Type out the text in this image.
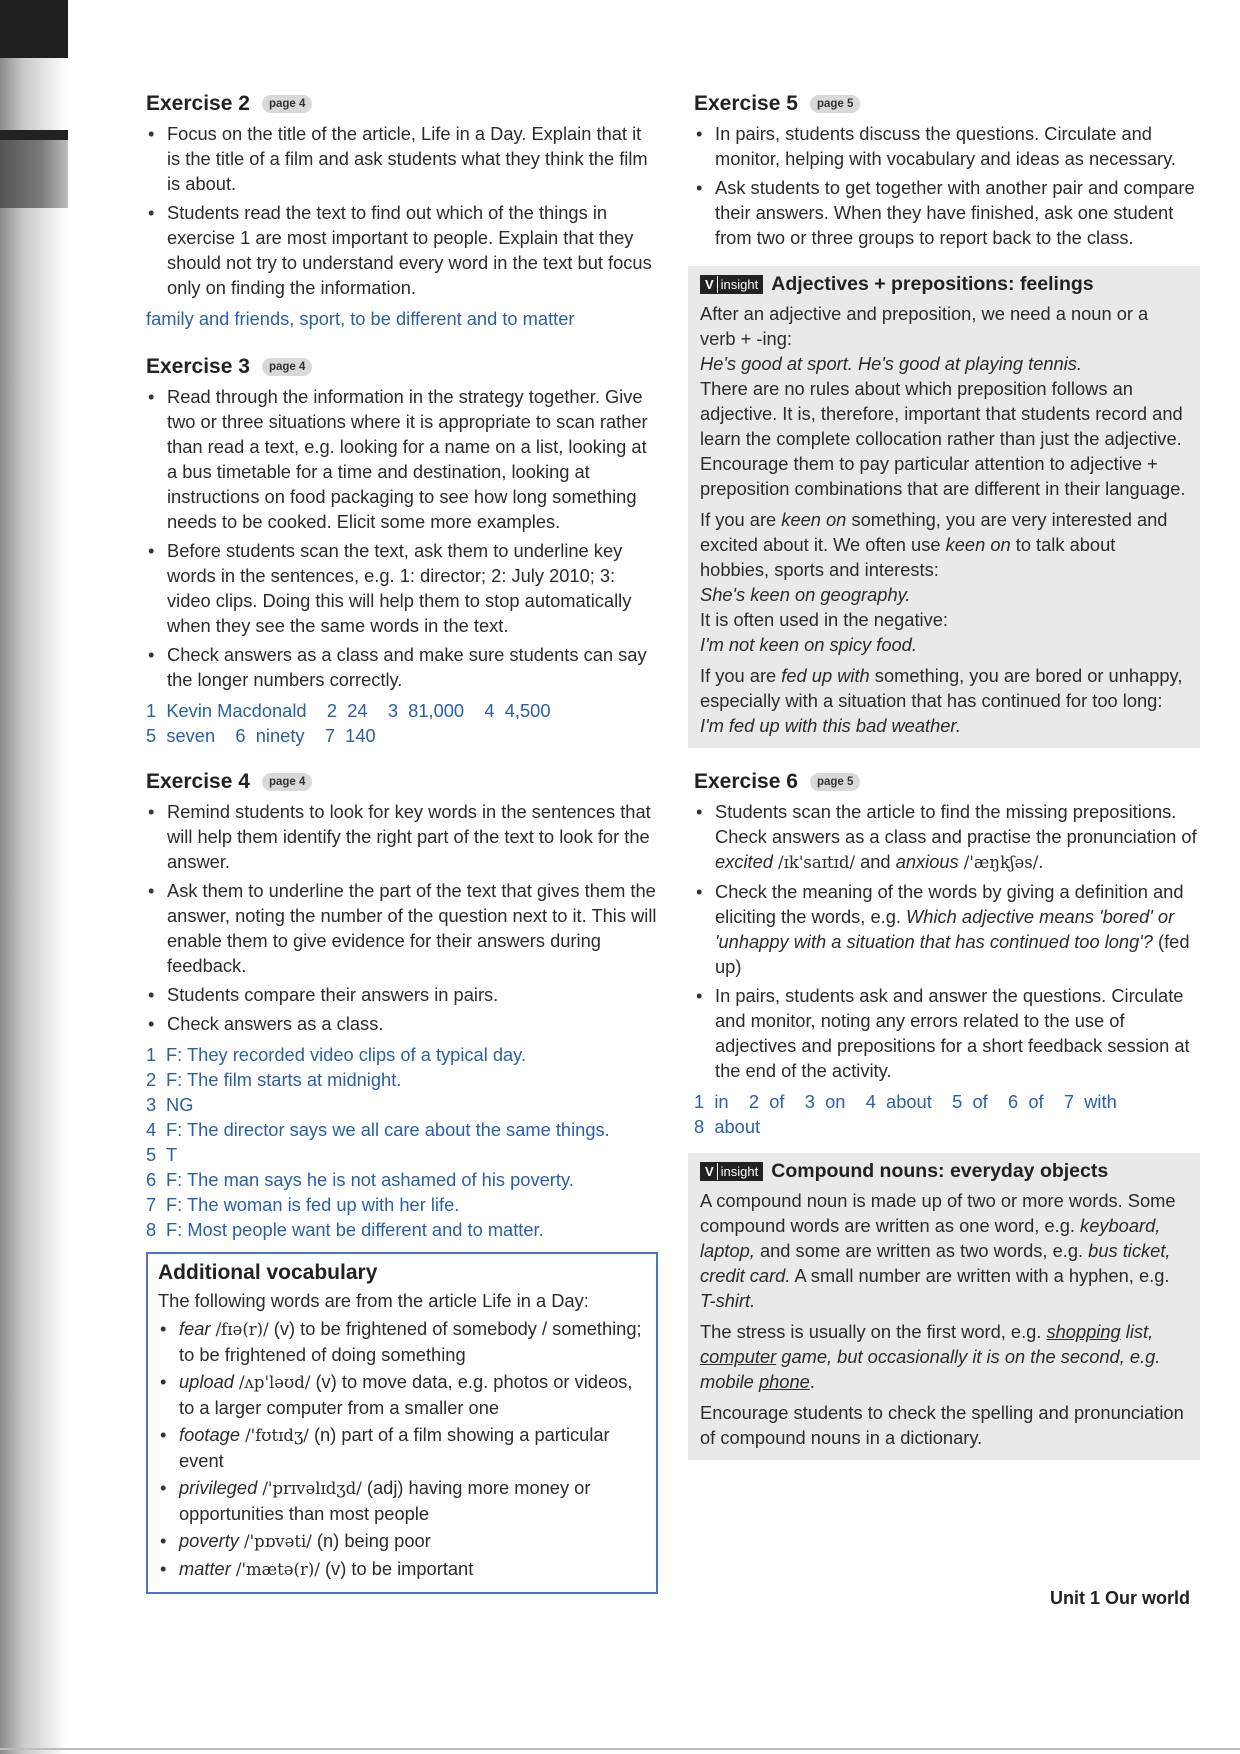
Exercise 2	page 4
• Focus on the title of the article, Life in a Day. Explain that it is the title of a film and ask students what they think the film is about.
• Students read the text to find out which of the things in exercise 1 are most important to people. Explain that they should not try to understand every word in the text but focus only on finding the information.
family and friends, sport, to be different and to matter
Exercise 3	page 4
• Read through the information in the strategy together. Give two or three situations where it is appropriate to scan rather than read a text, e.g. looking for a name on a list, looking at a bus timetable for a time and destination, looking at instructions on food packaging to see how long something needs to be cooked. Elicit some more examples.
• Before students scan the text, ask them to underline key words in the sentences, e.g. 1: director; 2: July 2010; 3: video clips. Doing this will help them to stop automatically when they see the same words in the text.
• Check answers as a class and make sure students can say the longer numbers correctly.
1  Kevin Macdonald    2  24    3  81,000    4  4,500
5  seven    6  ninety    7  140
Exercise 4	page 4
• Remind students to look for key words in the sentences that will help them identify the right part of the text to look for the answer.
• Ask them to underline the part of the text that gives them the answer, noting the number of the question next to it. This will enable them to give evidence for their answers during feedback.
• Students compare their answers in pairs.
• Check answers as a class.
1 F: They recorded video clips of a typical day.
2 F: The film starts at midnight.
3 NG
4 F: The director says we all care about the same things.
5 T
6 F: The man says he is not ashamed of his poverty.
7 F: The woman is fed up with her life.
8 F: Most people want be different and to matter.
Additional vocabulary
The following words are from the article Life in a Day:
• fear /fɪə(r)/ (v) to be frightened of somebody / something; to be frightened of doing something
• upload /ʌp'ləʊd/ (v) to move data, e.g. photos or videos, to a larger computer from a smaller one
• footage /'fʊtɪdʒ/ (n) part of a film showing a particular event
• privileged /'prɪvəlɪdʒd/ (adj) having more money or opportunities than most people
• poverty /'pɒvəti/ (n) being poor
• matter /'mætə(r)/ (v) to be important
Exercise 5	page 5
• In pairs, students discuss the questions. Circulate and monitor, helping with vocabulary and ideas as necessary.
• Ask students to get together with another pair and compare their answers. When they have finished, ask one student from two or three groups to report back to the class.
V insight Adjectives + prepositions: feelings

After an adjective and preposition, we need a noun or a verb + -ing:

He's good at sport. He's good at playing tennis.

There are no rules about which preposition follows an adjective. It is, therefore, important that students record and learn the complete collocation rather than just the adjective. Encourage them to pay particular attention to adjective + preposition combinations that are different in their language.

If you are keen on something, you are very interested and excited about it. We often use keen on to talk about hobbies, sports and interests:

She's keen on geography.

It is often used in the negative:

I'm not keen on spicy food.

If you are fed up with something, you are bored or unhappy, especially with a situation that has continued for too long:

I'm fed up with this bad weather.

Exercise 6	page 5
• Students scan the article to find the missing prepositions. Check answers as a class and practise the pronunciation of excited /ɪk'saɪtɪd/ and anxious /'æŋkʃəs/.
• Check the meaning of the words by giving a definition and eliciting the words, e.g. Which adjective means 'bored' or 'unhappy with a situation that has continued too long'? (fed up)
• In pairs, students ask and answer the questions. Circulate and monitor, noting any errors related to the use of adjectives and prepositions for a short feedback session at the end of the activity.
1  in    2  of    3  on    4  about    5  of    6  of    7  with
8  about
V insight Compound nouns: everyday objects

A compound noun is made up of two or more words. Some compound words are written as one word, e.g. keyboard, laptop, and some are written as two words, e.g. bus ticket, credit card. A small number are written with a hyphen, e.g. T-shirt.

The stress is usually on the first word, e.g. shopping list, computer game, but occasionally it is on the second, e.g. mobile phone.

Encourage students to check the spelling and pronunciation of compound nouns in a dictionary.

Unit 1 Our world
